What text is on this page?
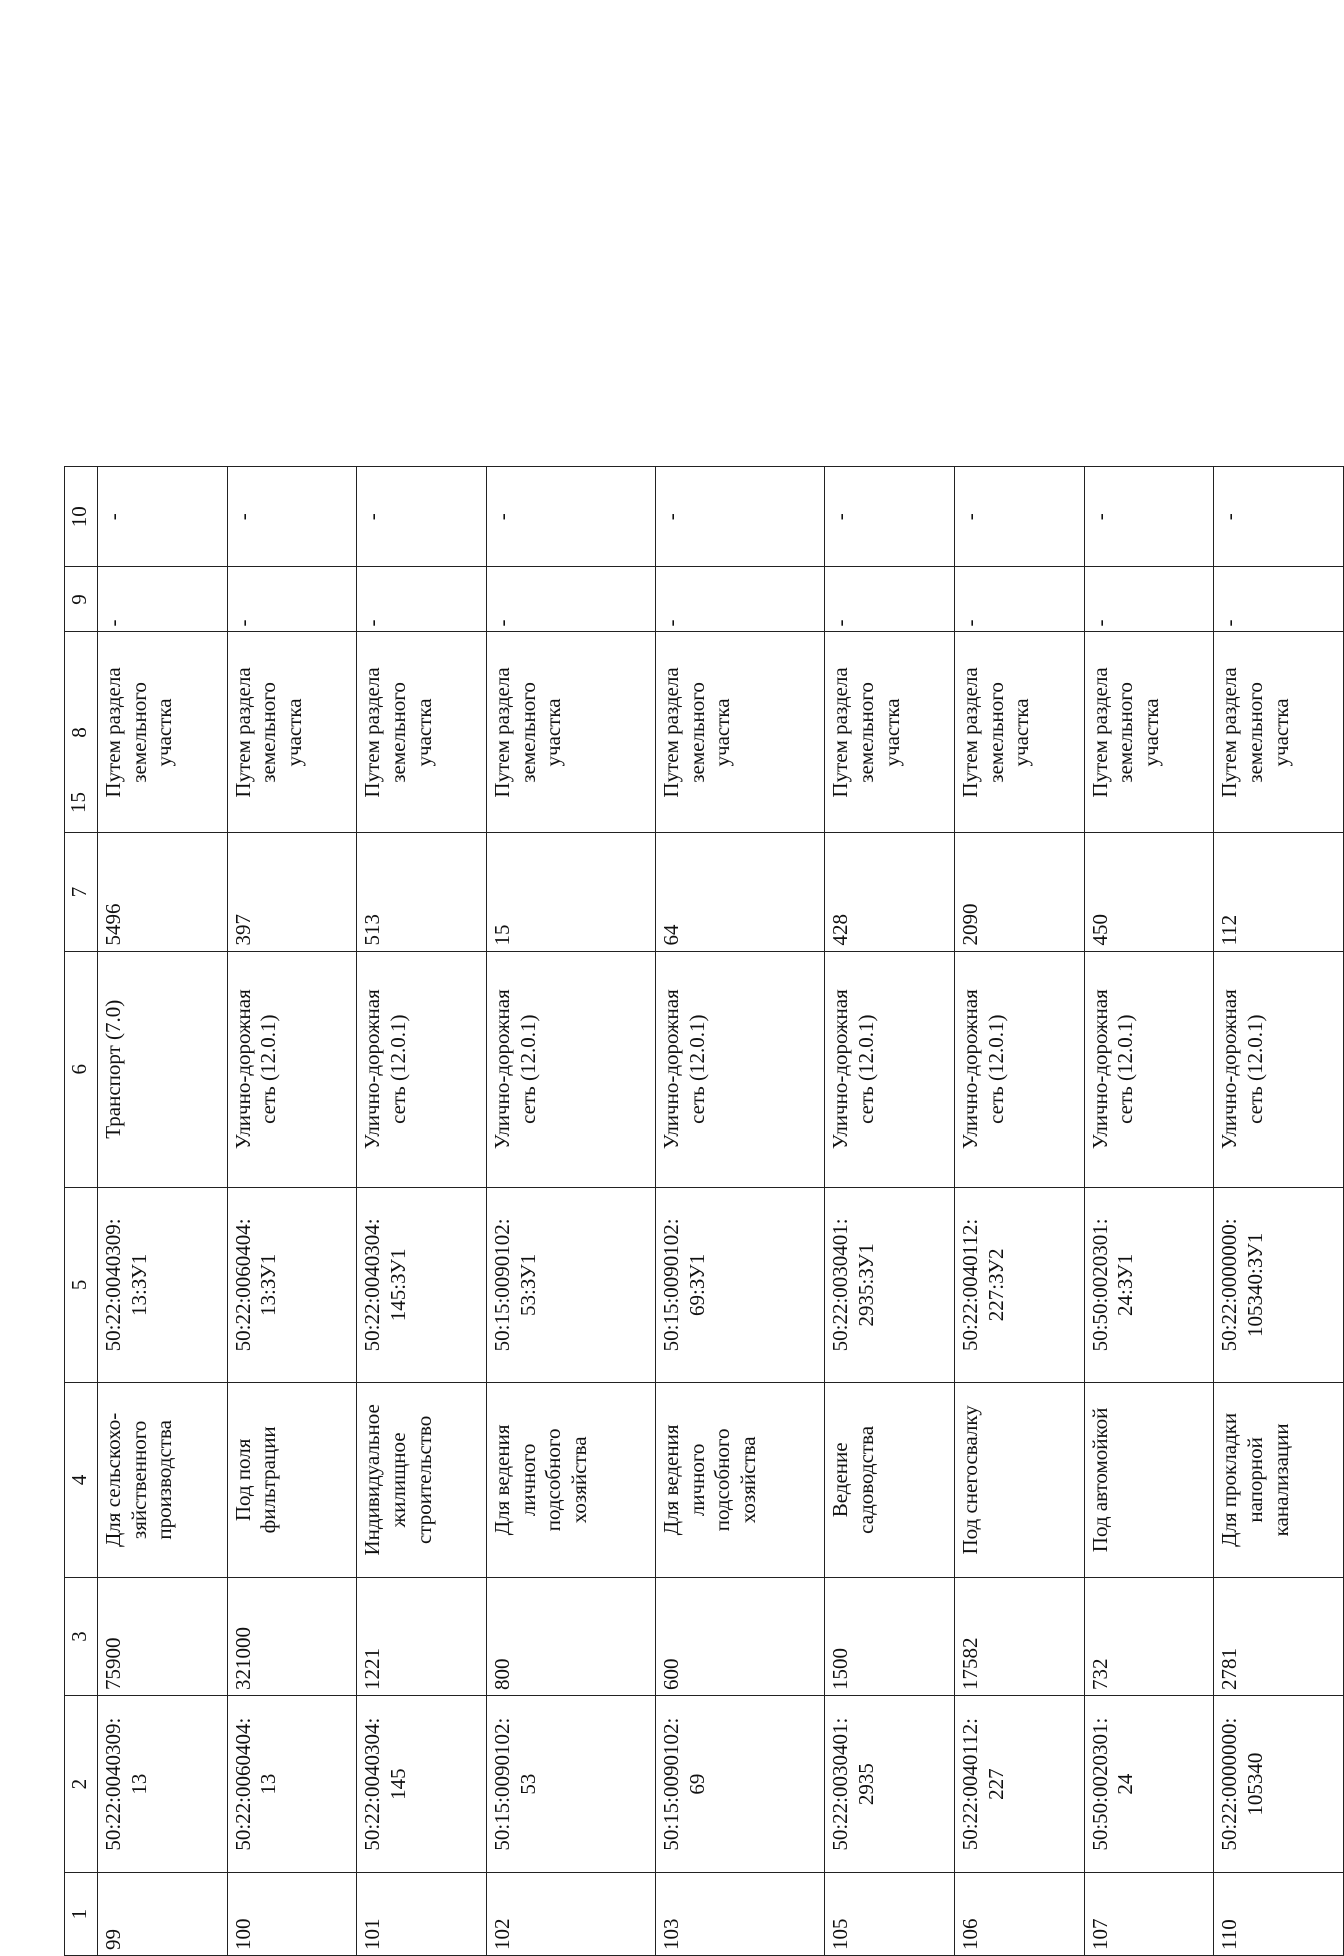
15
1	2	3	4	5	6	7	8	9	10
99	50:22:0040309:
13	75900	Для сельскохо-
зяйственного
производства	50:22:0040309:
13:ЗУ1	Транспорт (7.0)	5496	Путем раздела
земельного
участка	-	-
100	50:22:0060404:
13	321000	Под поля
фильтрации	50:22:0060404:
13:ЗУ1	Улично-дорожная
сеть (12.0.1)	397	Путем раздела
земельного
участка	-	-
101	50:22:0040304:
145	1221	Индивидуальное
жилищное
строительство	50:22:0040304:
145:ЗУ1	Улично-дорожная
сеть (12.0.1)	513	Путем раздела
земельного
участка	-	-
102	50:15:0090102:
53	800	Для ведения
личного
подсобного
хозяйства	50:15:0090102:
53:ЗУ1	Улично-дорожная
сеть (12.0.1)	15	Путем раздела
земельного
участка	-	-
103	50:15:0090102:
69	600	Для ведения
личного
подсобного
хозяйства	50:15:0090102:
69:ЗУ1	Улично-дорожная
сеть (12.0.1)	64	Путем раздела
земельного
участка	-	-
105	50:22:0030401:
2935	1500	Ведение
садоводства	50:22:0030401:
2935:ЗУ1	Улично-дорожная
сеть (12.0.1)	428	Путем раздела
земельного
участка	-	-
106	50:22:0040112:
227	17582	Под снегосвалку	50:22:0040112:
227:ЗУ2	Улично-дорожная
сеть (12.0.1)	2090	Путем раздела
земельного
участка	-	-
107	50:50:0020301:
24	732	Под автомойкой	50:50:0020301:
24:ЗУ1	Улично-дорожная
сеть (12.0.1)	450	Путем раздела
земельного
участка	-	-
110	50:22:0000000:
105340	2781	Для прокладки
напорной
канализации	50:22:0000000:
105340:ЗУ1	Улично-дорожная
сеть (12.0.1)	112	Путем раздела
земельного
участка	-	-
